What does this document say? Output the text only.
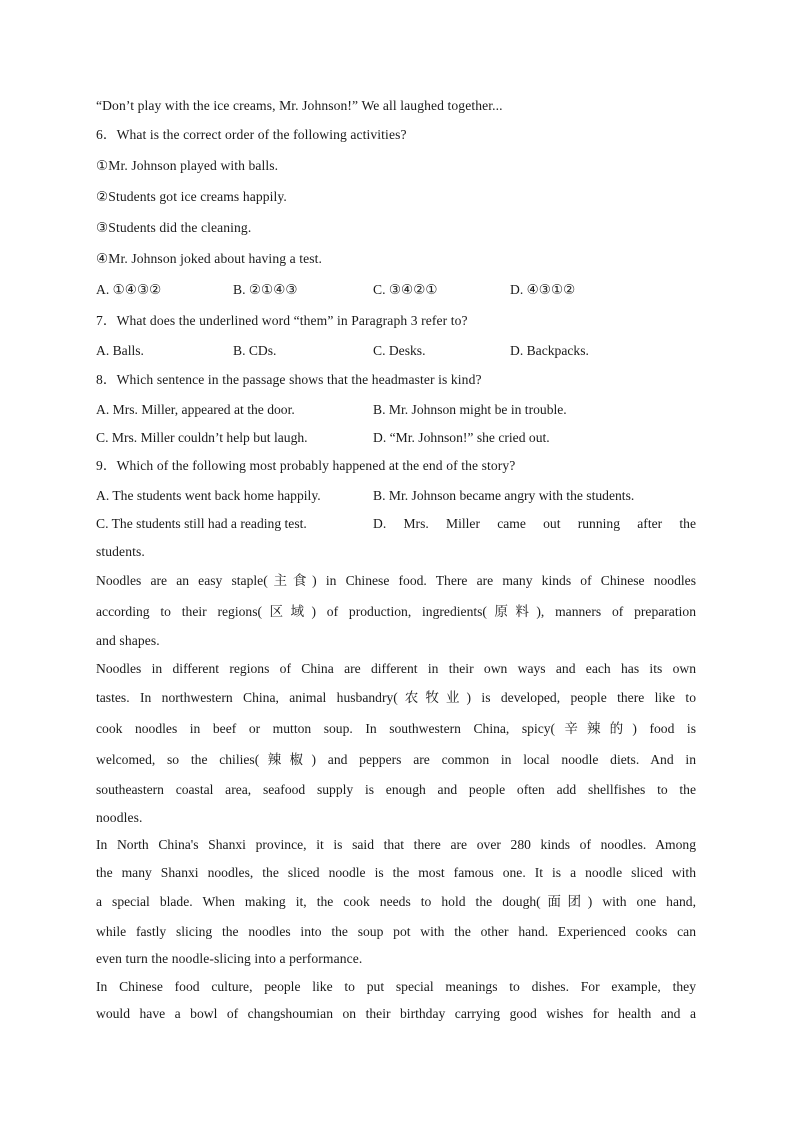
“Don’t play with the ice creams, Mr. Johnson!” We all laughed together...
6．What is the correct order of the following activities?
①Mr. Johnson played with balls.
②Students got ice creams happily.
③Students did the cleaning.
④Mr. Johnson joked about having a test.
A. ①④③②	B. ②①④③	C. ③④②①	D. ④③①②
7．What does the underlined word “them” in Paragraph 3 refer to?
A. Balls.	B. CDs.	C. Desks.	D. Backpacks.
8．Which sentence in the passage shows that the headmaster is kind?
A. Mrs. Miller, appeared at the door.	B. Mr. Johnson might be in trouble.
C. Mrs. Miller couldn’t help but laugh.	D. “Mr. Johnson!” she cried out.
9．Which of the following most probably happened at the end of the story?
A. The students went back home happily.	B. Mr. Johnson became angry with the students.
C. The students still had a reading test.	D. Mrs. Miller came out running after the
students.
Noodles are an easy staple(主食) in Chinese food. There are many kinds of Chinese noodles
according to their regions(区域) of production, ingredients(原料), manners of preparation
and shapes.
Noodles in different regions of China are different in their own ways and each has its own
tastes. In northwestern China, animal husbandry(农牧业) is developed, people there like to
cook noodles in beef or mutton soup. In southwestern China, spicy(辛辣的) food is
welcomed, so the chilies(辣椒) and peppers are common in local noodle diets. And in
southeastern coastal area, seafood supply is enough and people often add shellfishes to the
noodles.
In North China's Shanxi province, it is said that there are over 280 kinds of noodles. Among
the many Shanxi noodles, the sliced noodle is the most famous one. It is a noodle sliced with
a special blade. When making it, the cook needs to hold the dough(面团) with one hand,
while fastly slicing the noodles into the soup pot with the other hand. Experienced cooks can
even turn the noodle-slicing into a performance.
In Chinese food culture, people like to put special meanings to dishes. For example, they
would have a bowl of changshoumian on their birthday carrying good wishes for health and a
